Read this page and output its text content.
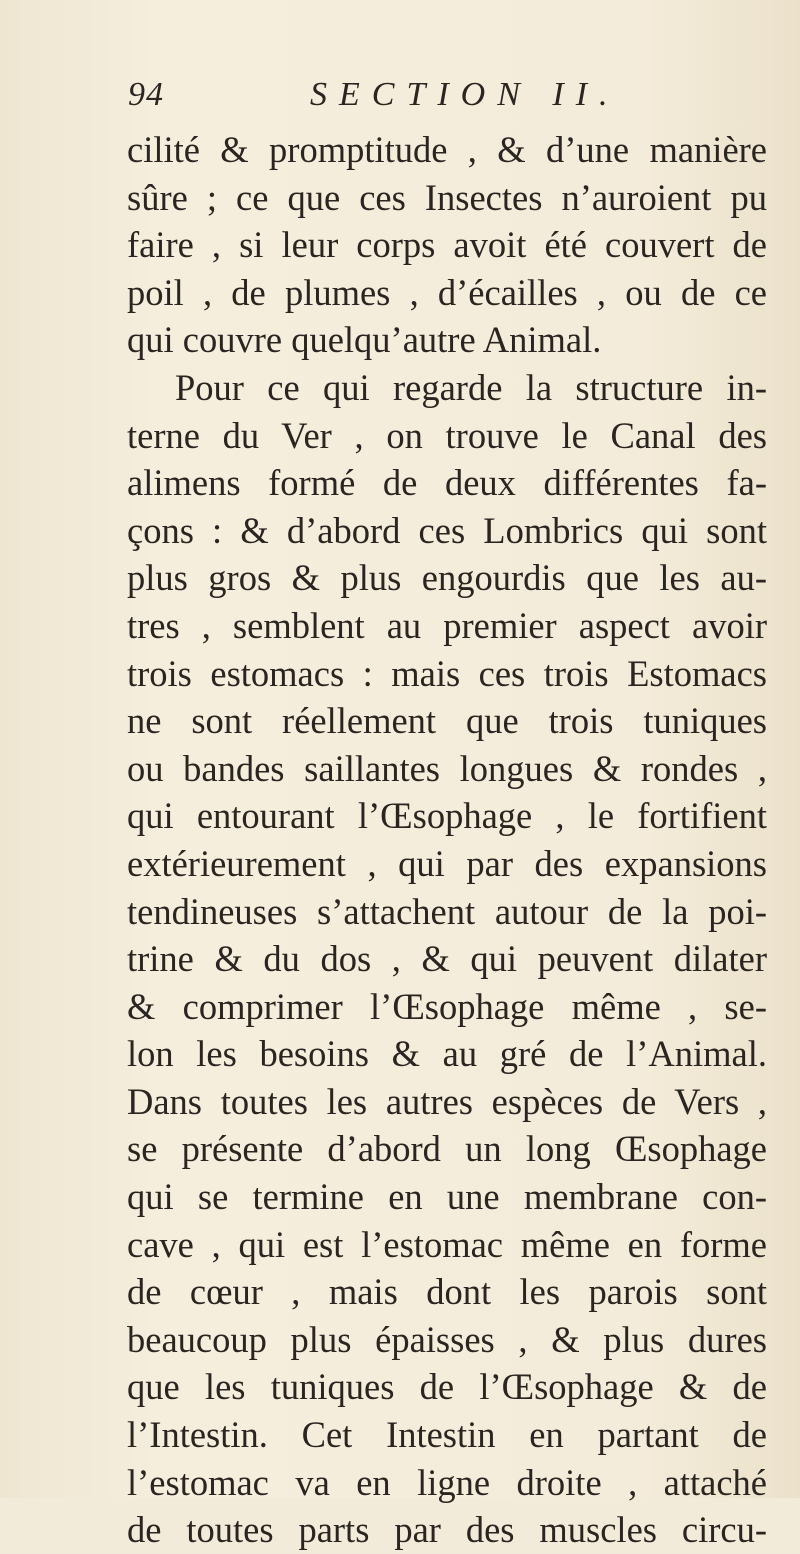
94	SECTION II.
cilité & promptitude , & d’une manière
sûre ; ce que ces Insectes n’auroient pu
faire , si leur corps avoit été couvert de
poil , de plumes , d’écailles , ou de ce
qui couvre quelqu’autre Animal.
Pour ce qui regarde la structure in-
terne du Ver , on trouve le Canal des
alimens formé de deux différentes fa-
çons : & d’abord ces Lombrics qui sont
plus gros & plus engourdis que les au-
tres , semblent au premier aspect avoir
trois estomacs : mais ces trois Estomacs
ne sont réellement que trois tuniques
ou bandes saillantes longues & rondes ,
qui entourant l’Œsophage , le fortifient
extérieurement , qui par des expansions
tendineuses s’attachent autour de la poi-
trine & du dos , & qui peuvent dilater
& comprimer l’Œsophage même , se-
lon les besoins & au gré de l’Animal.
Dans toutes les autres espèces de Vers ,
se présente d’abord un long Œsophage
qui se termine en une membrane con-
cave , qui est l’estomac même en forme
de cœur , mais dont les parois sont
beaucoup plus épaisses , & plus dures
que les tuniques de l’Œsophage & de
l’Intestin. Cet Intestin en partant de
l’estomac va en ligne droite , attaché
de toutes parts par des muscles circu-
